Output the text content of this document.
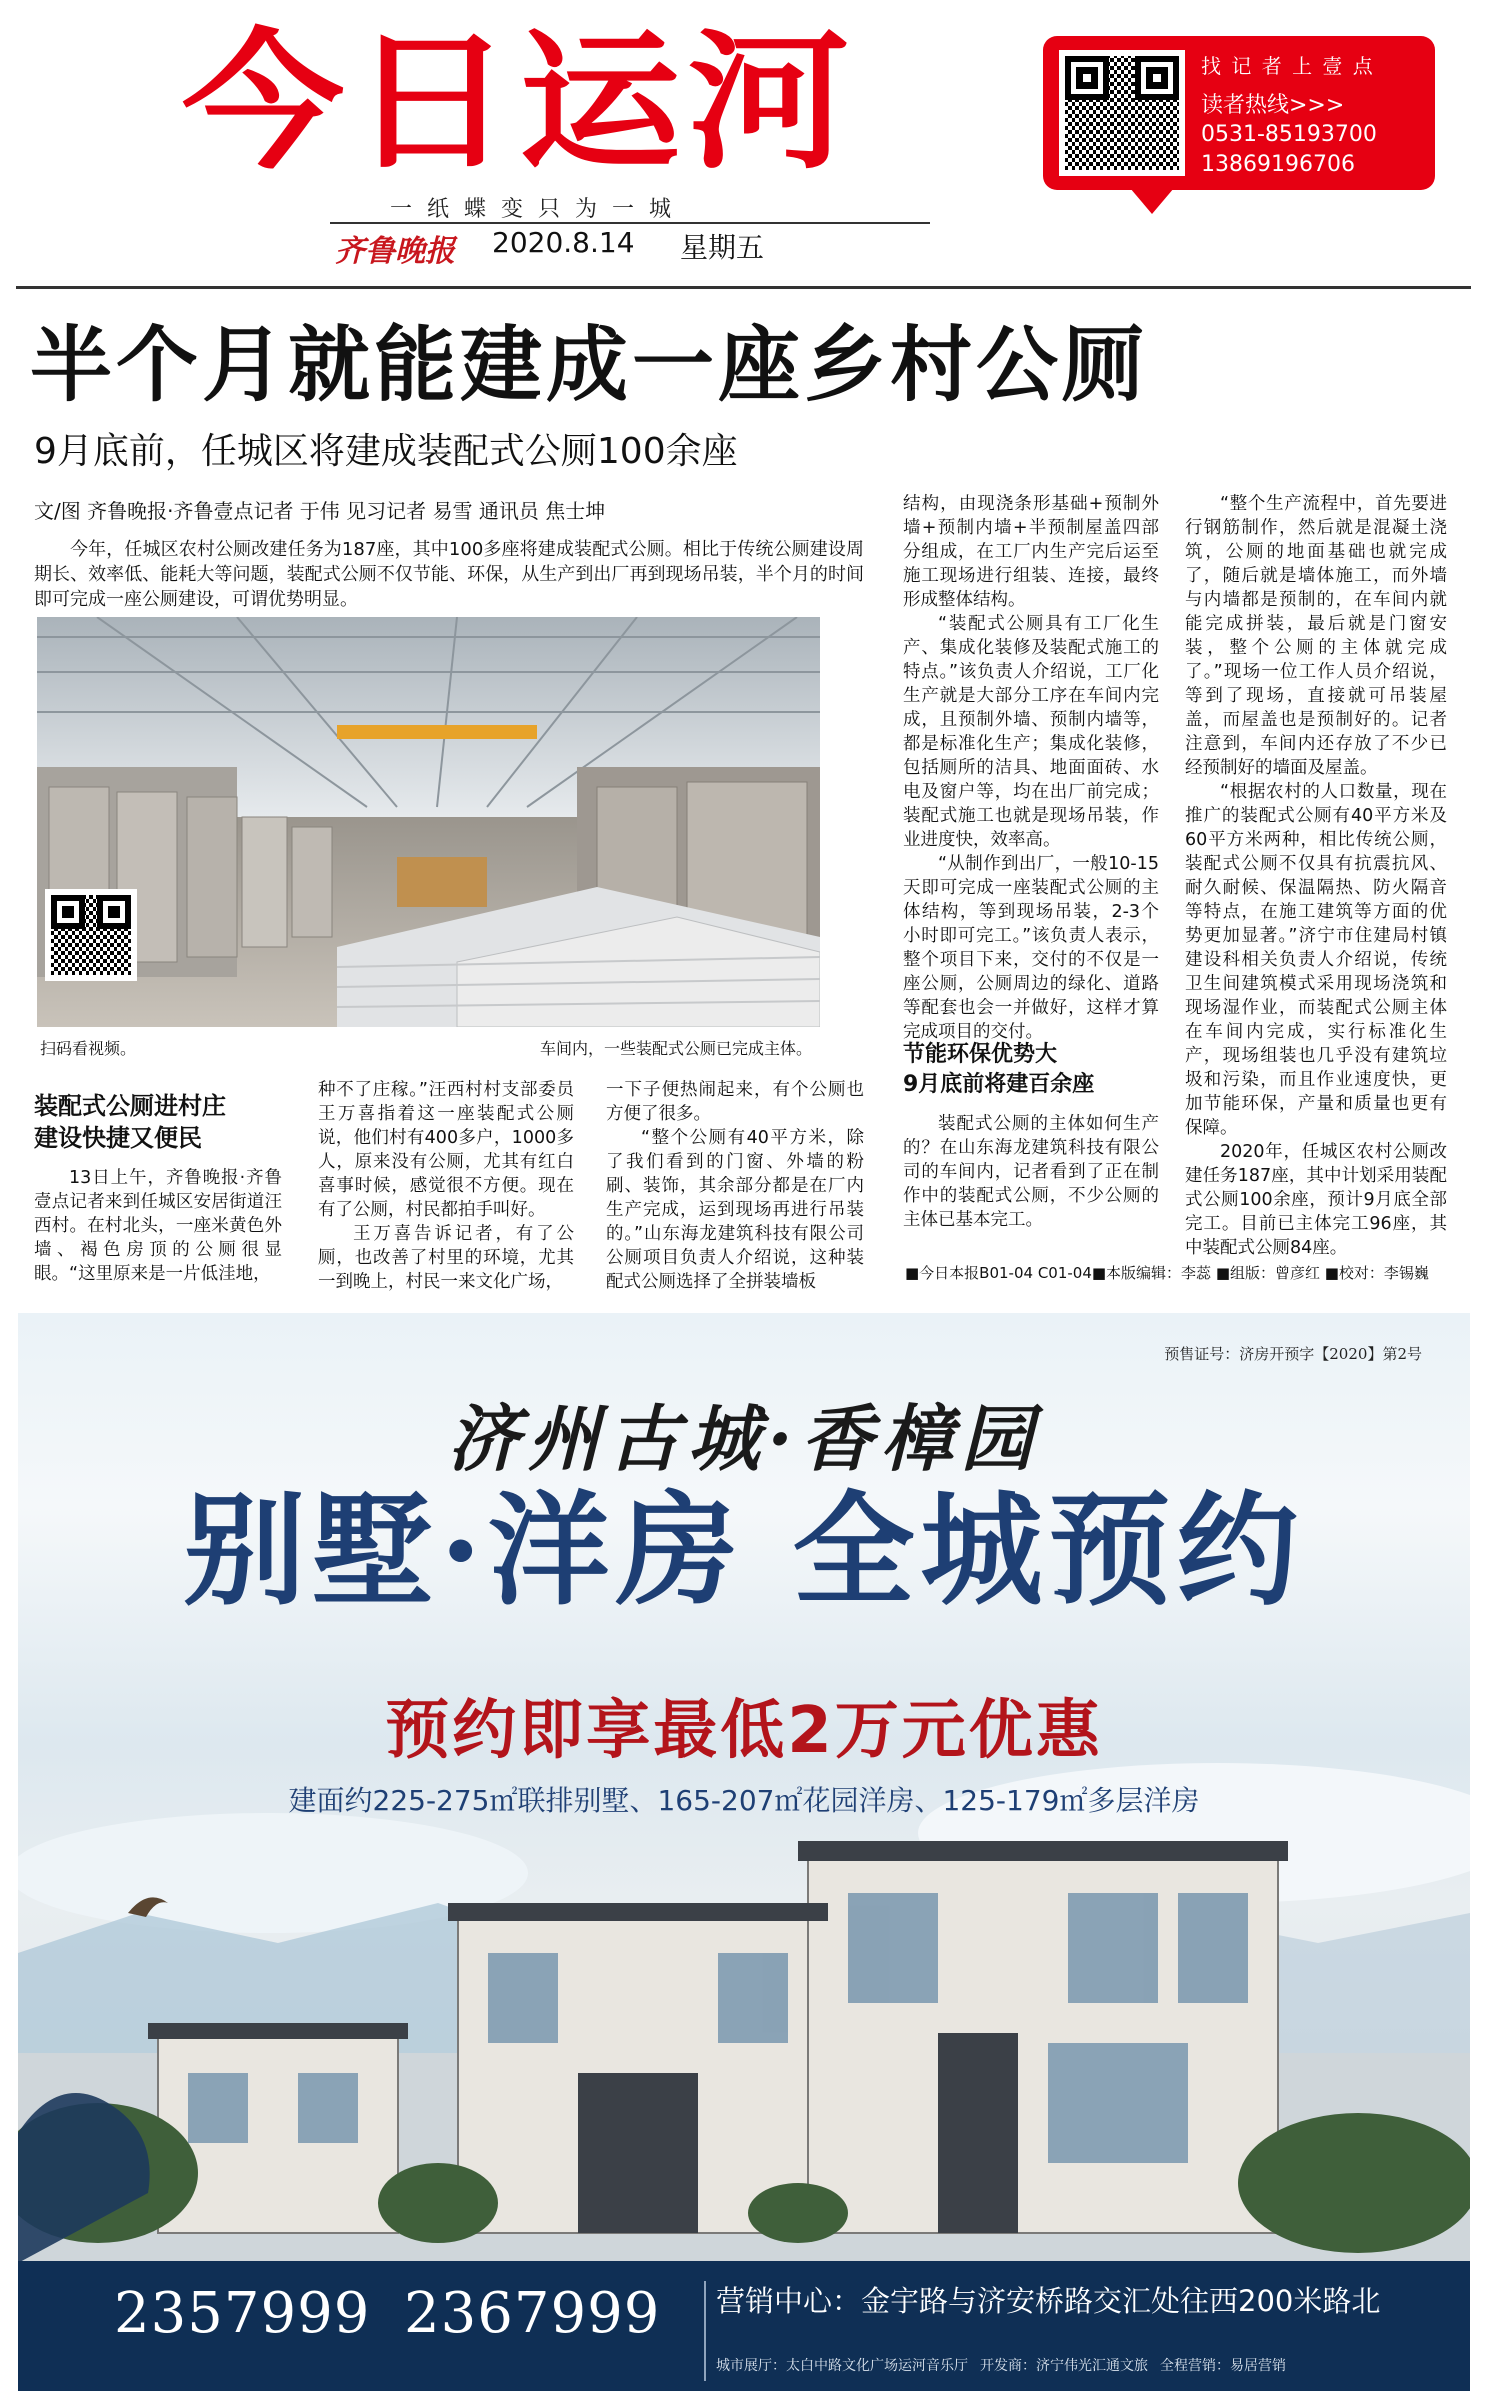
今日运河
一 纸 蝶 变 只 为 一 城
齐鲁晚报 2020.8.14 星期五
找 记 者 上 壹 点
读者热线>>>
0531-85193700
13869196706
半个月就能建成一座乡村公厕
9月底前，任城区将建成装配式公厕100余座
文/图 齐鲁晚报·齐鲁壹点记者 于伟 见习记者 易雪 通讯员 焦士坤
今年，任城区农村公厕改建任务为187座，其中100多座将建成装配式公厕。相比于传统公厕建设周期长、效率低、能耗大等问题，装配式公厕不仅节能、环保，从生产到出厂再到现场吊装，半个月的时间即可完成一座公厕建设，可谓优势明显。
扫码看视频。	车间内，一些装配式公厕已完成主体。
装配式公厕进村庄
建设快捷又便民

13日上午，齐鲁晚报·齐鲁壹点记者来到任城区安居街道汪西村。在村北头，一座米黄色外墙、褐色房顶的公厕很显眼。“这里原来是一片低洼地，

种不了庄稼。”汪西村村支部委员王万喜指着这一座装配式公厕说，他们村有400多户，1000多人，原来没有公厕，尤其有红白喜事时候，感觉很不方便。现在有了公厕，村民都拍手叫好。

王万喜告诉记者，有了公厕，也改善了村里的环境，尤其一到晚上，村民一来文化广场，

一下子便热闹起来，有个公厕也方便了很多。

“整个公厕有40平方米，除了我们看到的门窗、外墙的粉刷、装饰，其余部分都是在厂内生产完成，运到现场再进行吊装的。”山东海龙建筑科技有限公司公厕项目负责人介绍说，这种装配式公厕选择了全拼装墙板

结构，由现浇条形基础+预制外墙+预制内墙+半预制屋盖四部分组成，在工厂内生产完后运至施工现场进行组装、连接，最终形成整体结构。

“装配式公厕具有工厂化生产、集成化装修及装配式施工的特点。”该负责人介绍说，工厂化生产就是大部分工序在车间内完成，且预制外墙、预制内墙等，都是标准化生产；集成化装修，包括厕所的洁具、地面面砖、水电及窗户等，均在出厂前完成；装配式施工也就是现场吊装，作业进度快，效率高。

“从制作到出厂，一般10-15天即可完成一座装配式公厕的主体结构，等到现场吊装，2-3个小时即可完工。”该负责人表示，整个项目下来，交付的不仅是一座公厕，公厕周边的绿化、道路等配套也会一并做好，这样才算完成项目的交付。

节能环保优势大
9月底前将建百余座

装配式公厕的主体如何生产的？在山东海龙建筑科技有限公司的车间内，记者看到了正在制作中的装配式公厕，不少公厕的主体已基本完工。

“整个生产流程中，首先要进行钢筋制作，然后就是混凝土浇筑，公厕的地面基础也就完成了，随后就是墙体施工，而外墙与内墙都是预制的，在车间内就能完成拼装，最后就是门窗安装，整个公厕的主体就完成了。”现场一位工作人员介绍说，等到了现场，直接就可吊装屋盖，而屋盖也是预制好的。记者注意到，车间内还存放了不少已经预制好的墙面及屋盖。

“根据农村的人口数量，现在推广的装配式公厕有40平方米及60平方米两种，相比传统公厕，装配式公厕不仅具有抗震抗风、耐久耐候、保温隔热、防火隔音等特点，在施工建筑等方面的优势更加显著。”济宁市住建局村镇建设科相关负责人介绍说，传统卫生间建筑模式采用现场浇筑和现场湿作业，而装配式公厕主体在车间内完成，实行标准化生产，现场组装也几乎没有建筑垃圾和污染，而且作业速度快，更加节能环保，产量和质量也更有保障。

2020年，任城区农村公厕改建任务187座，其中计划采用装配式公厕100余座，预计9月底全部完工。目前已主体完工96座，其中装配式公厕84座。

■今日本报B01-04 C01-04■本版编辑：李蕊 ■组版：曾彦红 ■校对：李锡巍
预售证号：济房开预字【2020】第2号
济州古城·香樟园
别墅·洋房 全城预约
预约即享最低2万元优惠
建面约225-275㎡联排别墅、165-207㎡花园洋房、125-179㎡多层洋房
2357999 2367999 营销中心：金宇路与济安桥路交汇处往西200米路北
城市展厅：太白中路文化广场运河音乐厅 开发商：济宁伟光汇通文旅 全程营销：易居营销
